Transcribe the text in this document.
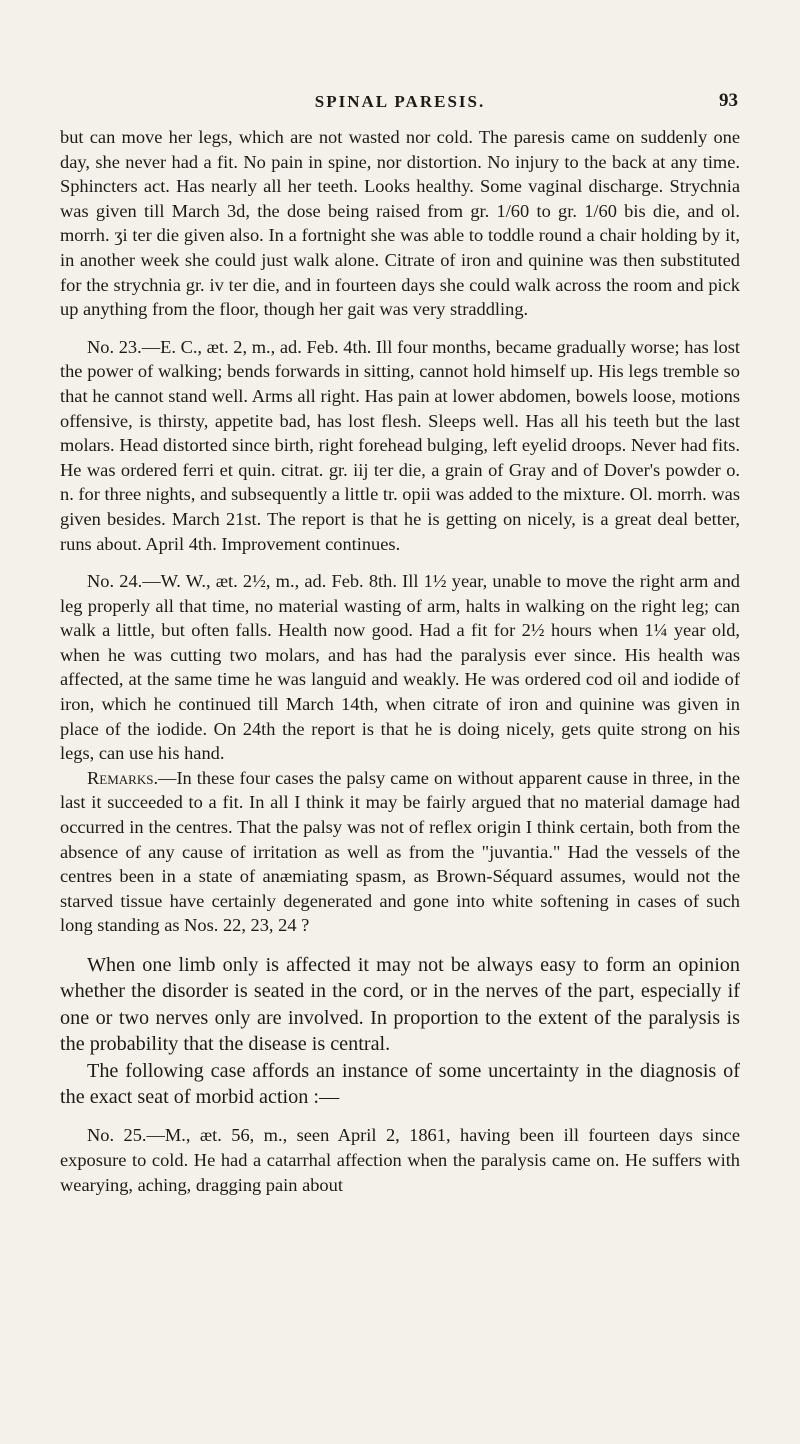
SPINAL PARESIS.	93

but can move her legs, which are not wasted nor cold. The paresis came on suddenly one day, she never had a fit. No pain in spine, nor distortion. No injury to the back at any time. Sphincters act. Has nearly all her teeth. Looks healthy. Some vaginal discharge. Strychnia was given till March 3d, the dose being raised from gr. 1/60 to gr. 1/60 bis die, and ol. morrh. ʒi ter die given also. In a fortnight she was able to toddle round a chair holding by it, in another week she could just walk alone. Citrate of iron and quinine was then substituted for the strychnia gr. iv ter die, and in fourteen days she could walk across the room and pick up anything from the floor, though her gait was very straddling.

No. 23.—E. C., æt. 2, m., ad. Feb. 4th. Ill four months, became gradually worse; has lost the power of walking; bends forwards in sitting, cannot hold himself up. His legs tremble so that he cannot stand well. Arms all right. Has pain at lower abdomen, bowels loose, motions offensive, is thirsty, appetite bad, has lost flesh. Sleeps well. Has all his teeth but the last molars. Head distorted since birth, right forehead bulging, left eyelid droops. Never had fits. He was ordered ferri et quin. citrat. gr. iij ter die, a grain of Gray and of Dover's powder o. n. for three nights, and subsequently a little tr. opii was added to the mixture. Ol. morrh. was given besides. March 21st. The report is that he is getting on nicely, is a great deal better, runs about. April 4th. Improvement continues.

No. 24.—W. W., æt. 2½, m., ad. Feb. 8th. Ill 1½ year, unable to move the right arm and leg properly all that time, no material wasting of arm, halts in walking on the right leg; can walk a little, but often falls. Health now good. Had a fit for 2½ hours when 1¼ year old, when he was cutting two molars, and has had the paralysis ever since. His health was affected, at the same time he was languid and weakly. He was ordered cod oil and iodide of iron, which he continued till March 14th, when citrate of iron and quinine was given in place of the iodide. On 24th the report is that he is doing nicely, gets quite strong on his legs, can use his hand.

Remarks.—In these four cases the palsy came on without apparent cause in three, in the last it succeeded to a fit. In all I think it may be fairly argued that no material damage had occurred in the centres. That the palsy was not of reflex origin I think certain, both from the absence of any cause of irritation as well as from the "juvantia." Had the vessels of the centres been in a state of anæmiating spasm, as Brown-Séquard assumes, would not the starved tissue have certainly degenerated and gone into white softening in cases of such long standing as Nos. 22, 23, 24 ?

When one limb only is affected it may not be always easy to form an opinion whether the disorder is seated in the cord, or in the nerves of the part, especially if one or two nerves only are involved. In proportion to the extent of the paralysis is the probability that the disease is central.

The following case affords an instance of some uncertainty in the diagnosis of the exact seat of morbid action :—

No. 25.—M., æt. 56, m., seen April 2, 1861, having been ill fourteen days since exposure to cold. He had a catarrhal affection when the paralysis came on. He suffers with wearying, aching, dragging pain about
